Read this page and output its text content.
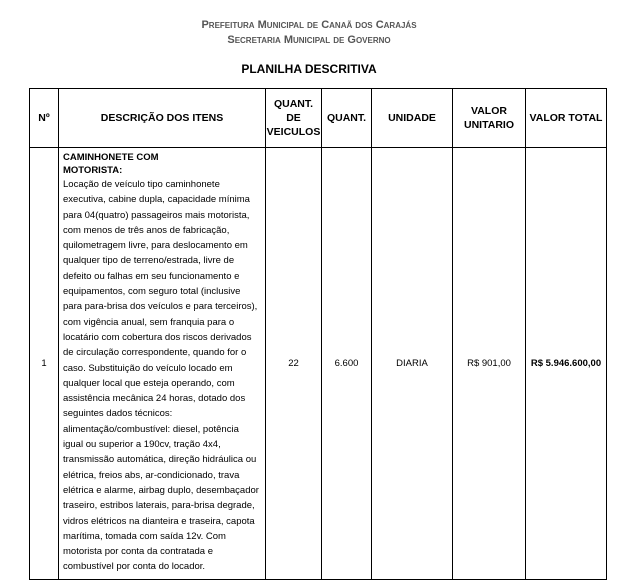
Prefeitura Municipal de Canaã dos Carajás
Secretaria Municipal de Governo
PLANILHA DESCRITIVA
Nº	DESCRIÇÃO DOS ITENS	QUANT. DE VEICULOS	QUANT.	UNIDADE	VALOR UNITARIO	VALOR TOTAL
1	CAMINHONETE COM MOTORISTA:
Locação de veículo tipo caminhonete executiva, cabine dupla, capacidade mínima para 04(quatro) passageiros mais motorista, com menos de três anos de fabricação, quilometragem livre, para deslocamento em qualquer tipo de terreno/estrada, livre de defeito ou falhas em seu funcionamento e equipamentos, com seguro total (inclusive para para-brisa dos veículos e para terceiros), com vigência anual, sem franquia para o locatário com cobertura dos riscos derivados de circulação correspondente, quando for o caso. Substituição do veículo locado em qualquer local que esteja operando, com assistência mecânica 24 horas, dotado dos seguintes dados técnicos: alimentação/combustível: diesel, potência igual ou superior a 190cv, tração 4x4, transmissão automática, direção hidráulica ou elétrica, freios abs, ar-condicionado, trava elétrica e alarme, airbag duplo, desembaçador traseiro, estribos laterais, para-brisa degrade, vidros elétricos na dianteira e traseira, capota marítima, tomada com saída 12v. Com motorista por conta da contratada e combustível por conta do locador.	22	6.600	DIARIA	R$ 901,00	R$ 5.946.600,00
